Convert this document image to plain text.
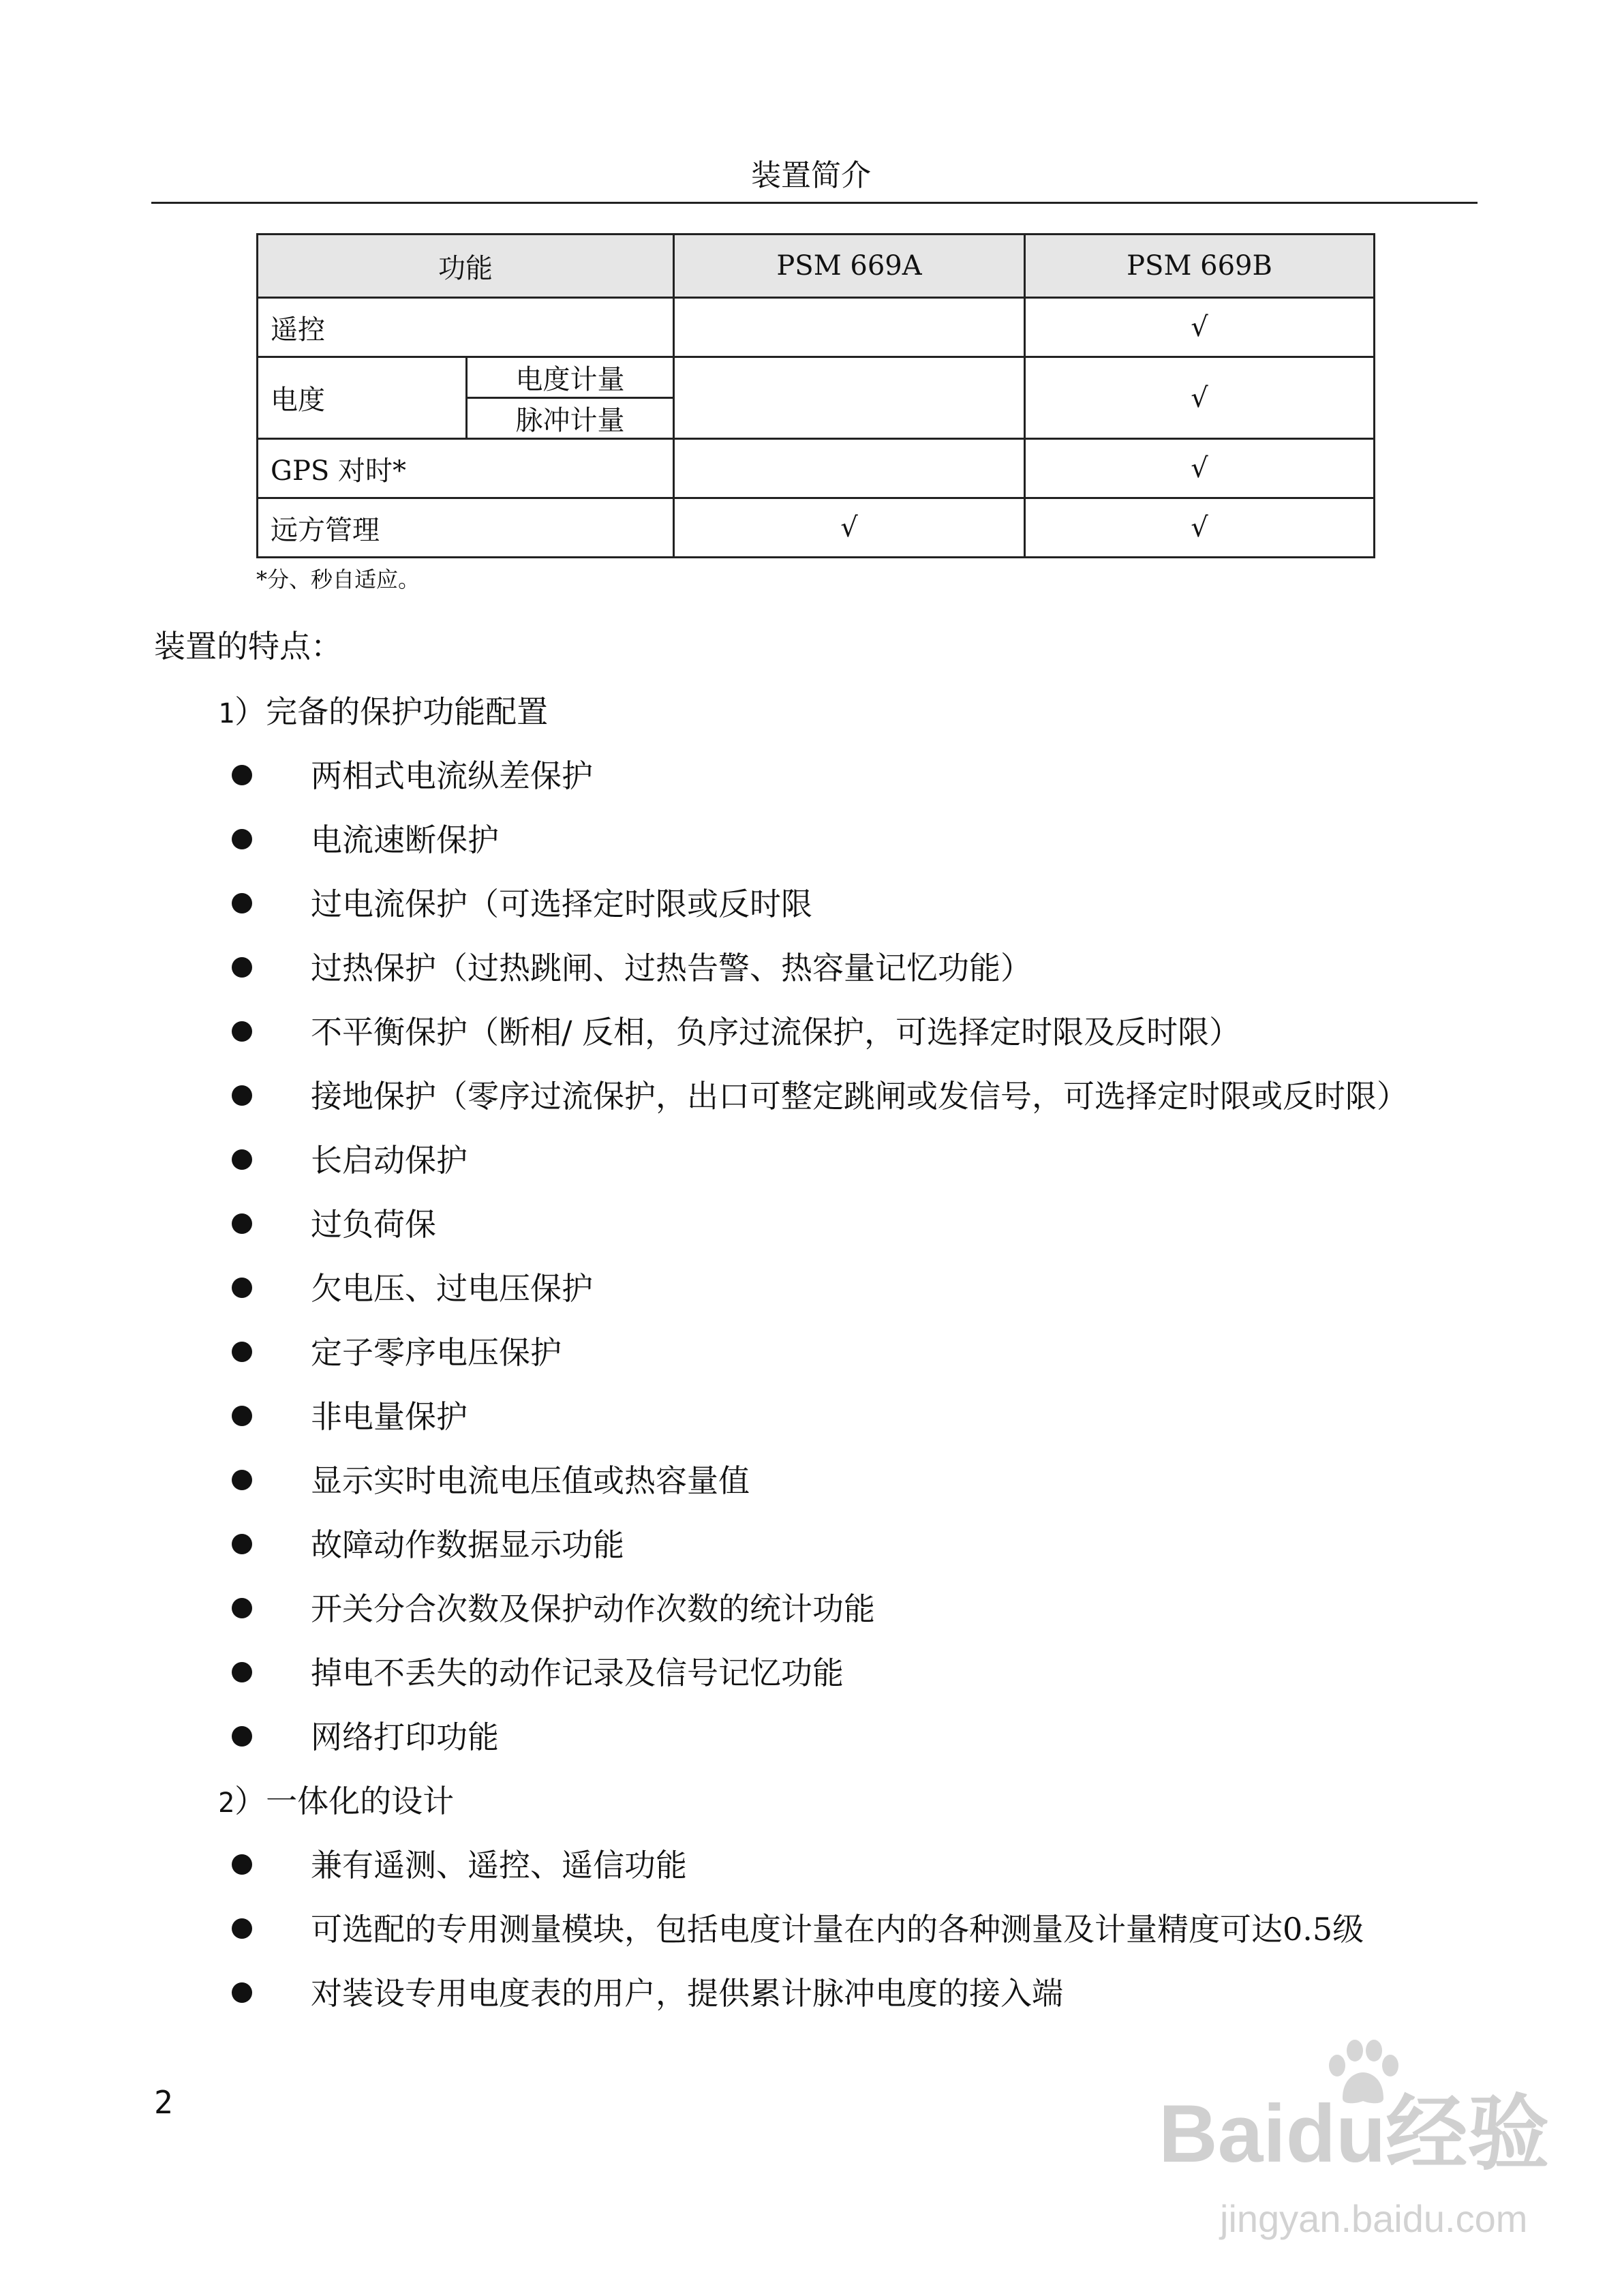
装置简介
功能		PSM 669A	PSM 669B
遥控			√
电度	电度计量		√
	脉冲计量		
GPS 对时*			√
远方管理		√	√
*分、秒自适应。
装置的特点：
1）完备的保护功能配置
两相式电流纵差保护
电流速断保护
过电流保护（可选择定时限或反时限
过热保护（过热跳闸、过热告警、热容量记忆功能）
不平衡保护（断相/ 反相，负序过流保护，可选择定时限及反时限）
接地保护（零序过流保护，出口可整定跳闸或发信号，可选择定时限或反时限）
长启动保护
过负荷保
欠电压、过电压保护
定子零序电压保护
非电量保护
显示实时电流电压值或热容量值
故障动作数据显示功能
开关分合次数及保护动作次数的统计功能
掉电不丢失的动作记录及信号记忆功能
网络打印功能
2）一体化的设计
兼有遥测、遥控、遥信功能
可选配的专用测量模块，包括电度计量在内的各种测量及计量精度可达0.5级
对装设专用电度表的用户，提供累计脉冲电度的接入端
2	Baidu经验
jingyan.baidu.com
